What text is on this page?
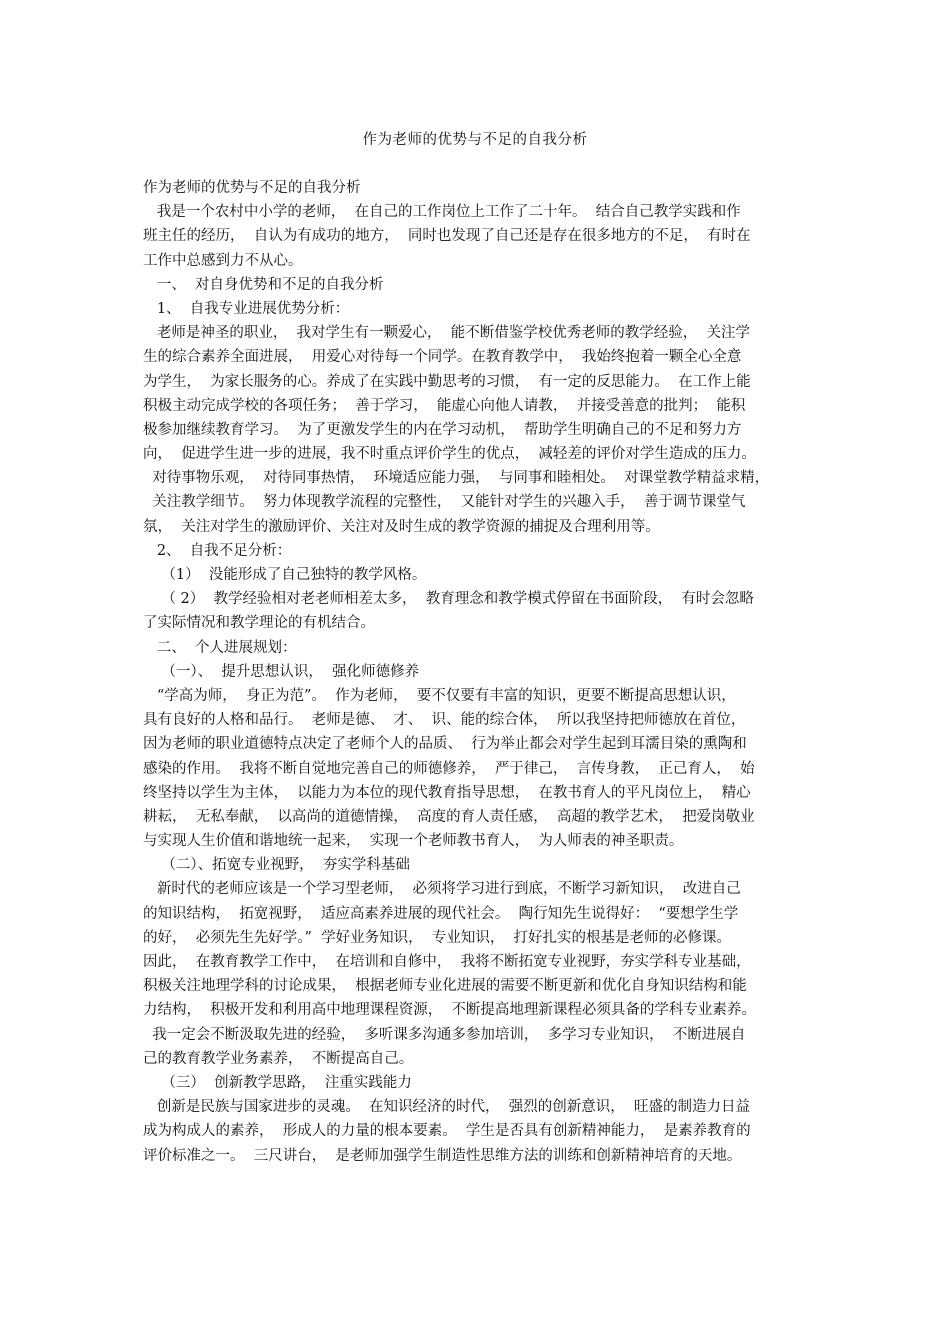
作为老师的优势与不足的自我分析
作为老师的优势与不足的自我分析
我是一个农村中小学的老师，  在自己的工作岗位上工作了二十年。  结合自己教学实践和作
班主任的经历，  自认为有成功的地方，  同时也发现了自己还是存在很多地方的不足，  有时在
工作中总感到力不从心。
一、  对自身优势和不足的自我分析
1、  自我专业进展优势分析：
老师是神圣的职业，  我对学生有一颗爱心，  能不断借鉴学校优秀老师的教学经验，  关注学
生的综合素养全面进展，  用爱心对待每一个同学。在教育教学中，  我始终抱着一颗全心全意
为学生，  为家长服务的心。养成了在实践中勤思考的习惯，  有一定的反思能力。  在工作上能
积极主动完成学校的各项任务；  善于学习，  能虚心向他人请教，  并接受善意的批判；  能积
极参加继续教育学习。  为了更激发学生的内在学习动机，  帮助学生明确自己的不足和努力方
向，  促进学生进一步的进展，我不时重点评价学生的优点，  减轻差的评价对学生造成的压力。
对待事物乐观，  对待同事热情，  环境适应能力强，  与同事和睦相处。  对课堂教学精益求精，
关注教学细节。  努力体现教学流程的完整性，  又能针对学生的兴趣入手，  善于调节课堂气
氛，  关注对学生的激励评价、关注对及时生成的教学资源的捕捉及合理利用等。
2、  自我不足分析：
（1）  没能形成了自己独特的教学风格。
（ 2）  教学经验相对老老师相差太多，  教育理念和教学模式停留在书面阶段，  有时会忽略
了实际情况和教学理论的有机结合。
二、  个人进展规划：
（一）、  提升思想认识，  强化师德修养
“学高为师，  身正为范”。  作为老师，  要不仅要有丰富的知识，更要不断提高思想认识，
具有良好的人格和品行。  老师是德、  才、  识、能的综合体，  所以我坚持把师德放在首位，
因为老师的职业道德特点决定了老师个人的品质、  行为举止都会对学生起到耳濡目染的熏陶和
感染的作用。  我将不断自觉地完善自己的师德修养，  严于律己，  言传身教，  正己育人，  始
终坚持以学生为主体，  以能力为本位的现代教育指导思想，  在教书育人的平凡岗位上，  精心
耕耘，  无私奉献，  以高尚的道德情操，  高度的育人责任感，  高超的教学艺术，  把爱岗敬业
与实现人生价值和谐地统一起来，  实现一个老师教书育人，  为人师表的神圣职责。
（二）、拓宽专业视野，  夯实学科基础
新时代的老师应该是一个学习型老师，  必须将学习进行到底，不断学习新知识，  改进自己
的知识结构，  拓宽视野，  适应高素养进展的现代社会。  陶行知先生说得好：  “要想学生学
的好，  必须先生先好学。”  学好业务知识，  专业知识，  打好扎实的根基是老师的必修课。
因此，  在教育教学工作中，  在培训和自修中，  我将不断拓宽专业视野，夯实学科专业基础，
积极关注地理学科的讨论成果，  根据老师专业化进展的需要不断更新和优化自身知识结构和能
力结构，  积极开发和利用高中地理课程资源，  不断提高地理新课程必须具备的学科专业素养。
我一定会不断汲取先进的经验，  多听课多沟通多参加培训，  多学习专业知识，  不断进展自
己的教育教学业务素养，  不断提高自己。
（三）  创新教学思路，  注重实践能力
创新是民族与国家进步的灵魂。  在知识经济的时代，  强烈的创新意识，  旺盛的制造力日益
成为构成人的素养，  形成人的力量的根本要素。  学生是否具有创新精神能力，  是素养教育的
评价标准之一。  三尺讲台，  是老师加强学生制造性思维方法的训练和创新精神培育的天地。
